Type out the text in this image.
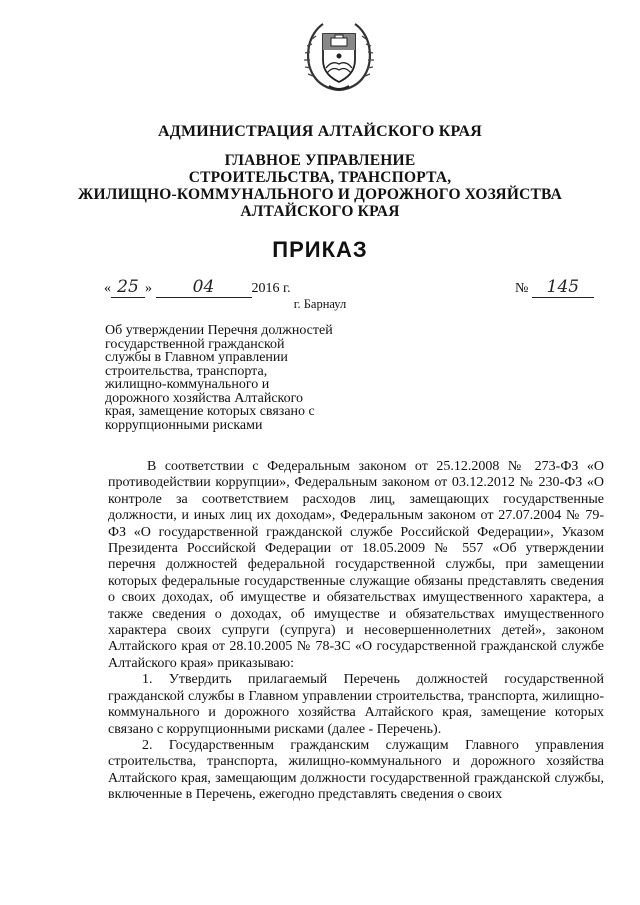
АДМИНИСТРАЦИЯ АЛТАЙСКОГО КРАЯ
ГЛАВНОЕ УПРАВЛЕНИЕ
СТРОИТЕЛЬСТВА, ТРАНСПОРТА,
ЖИЛИЩНО-КОММУНАЛЬНОГО И ДОРОЖНОГО ХОЗЯЙСТВА
АЛТАЙСКОГО КРАЯ
ПРИКАЗ
« 25 » 04	2016 г.	№ 145
г. Барнаул
Об утверждении Перечня должностей
государственной гражданской
службы в Главном управлении
строительства, транспорта,
жилищно-коммунального и
дорожного хозяйства Алтайского
края, замещение которых связано с
коррупционными рисками

В соответствии с Федеральным законом от 25.12.2008 № 273-ФЗ «О противодействии коррупции», Федеральным законом от 03.12.2012 № 230-ФЗ «О контроле за соответствием расходов лиц, замещающих государственные должности, и иных лиц их доходам», Федеральным законом от 27.07.2004 № 79-ФЗ «О государственной гражданской службе Российской Федерации», Указом Президента Российской Федерации от 18.05.2009 № 557 «Об утверждении перечня должностей федеральной государственной службы, при замещении которых федеральные государственные служащие обязаны представлять сведения о своих доходах, об имуществе и обязательствах имущественного характера, а также сведения о доходах, об имуществе и обязательствах имущественного характера своих супруги (супруга) и несовершеннолетних детей», законом Алтайского края от 28.10.2005 № 78-ЗС «О государственной гражданской службе Алтайского края» приказываю:

1. Утвердить прилагаемый Перечень должностей государственной гражданской службы в Главном управлении строительства, транспорта, жилищно-коммунального и дорожного хозяйства Алтайского края, замещение которых связано с коррупционными рисками (далее - Перечень).

2. Государственным гражданским служащим Главного управления строительства, транспорта, жилищно-коммунального и дорожного хозяйства Алтайского края, замещающим должности государственной гражданской службы, включенные в Перечень, ежегодно представлять сведения о своих
